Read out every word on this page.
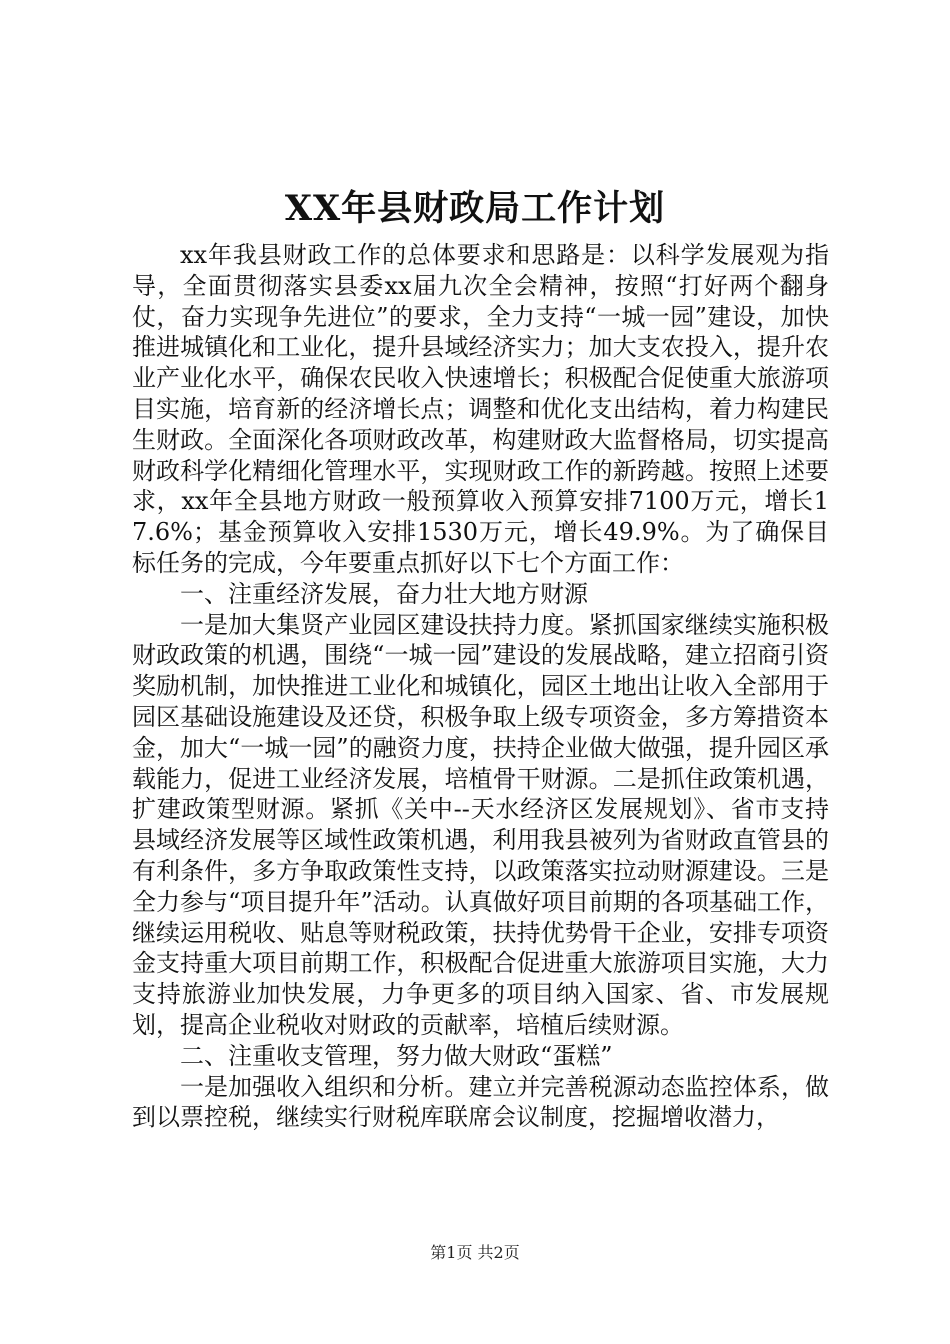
XX年县财政局工作计划

xx年我县财政工作的总体要求和思路是：以科学发展观为指导，全面贯彻落实县委xx届九次全会精神，按照“打好两个翻身仗，奋力实现争先进位”的要求，全力支持“一城一园”建设，加快推进城镇化和工业化，提升县域经济实力；加大支农投入，提升农业产业化水平，确保农民收入快速增长；积极配合促使重大旅游项目实施，培育新的经济增长点；调整和优化支出结构，着力构建民生财政。全面深化各项财政改革，构建财政大监督格局，切实提高财政科学化精细化管理水平，实现财政工作的新跨越。按照上述要求，xx年全县地方财政一般预算收入预算安排7100万元，增长17.6%；基金预算收入安排1530万元，增长49.9%。为了确保目标任务的完成，今年要重点抓好以下七个方面工作：

一、注重经济发展，奋力壮大地方财源

一是加大集贤产业园区建设扶持力度。紧抓国家继续实施积极财政政策的机遇，围绕“一城一园”建设的发展战略，建立招商引资奖励机制，加快推进工业化和城镇化，园区土地出让收入全部用于园区基础设施建设及还贷，积极争取上级专项资金，多方筹措资本金，加大“一城一园”的融资力度，扶持企业做大做强，提升园区承载能力，促进工业经济发展，培植骨干财源。二是抓住政策机遇，扩建政策型财源。紧抓《关中--天水经济区发展规划》、省市支持县域经济发展等区域性政策机遇，利用我县被列为省财政直管县的有利条件，多方争取政策性支持，以政策落实拉动财源建设。三是全力参与“项目提升年”活动。认真做好项目前期的各项基础工作，继续运用税收、贴息等财税政策，扶持优势骨干企业，安排专项资金支持重大项目前期工作，积极配合促进重大旅游项目实施，大力支持旅游业加快发展，力争更多的项目纳入国家、省、市发展规划，提高企业税收对财政的贡献率，培植后续财源。

二、注重收支管理，努力做大财政“蛋糕”

一是加强收入组织和分析。建立并完善税源动态监控体系，做到以票控税，继续实行财税库联席会议制度，挖掘增收潜力，

第1页 共2页
